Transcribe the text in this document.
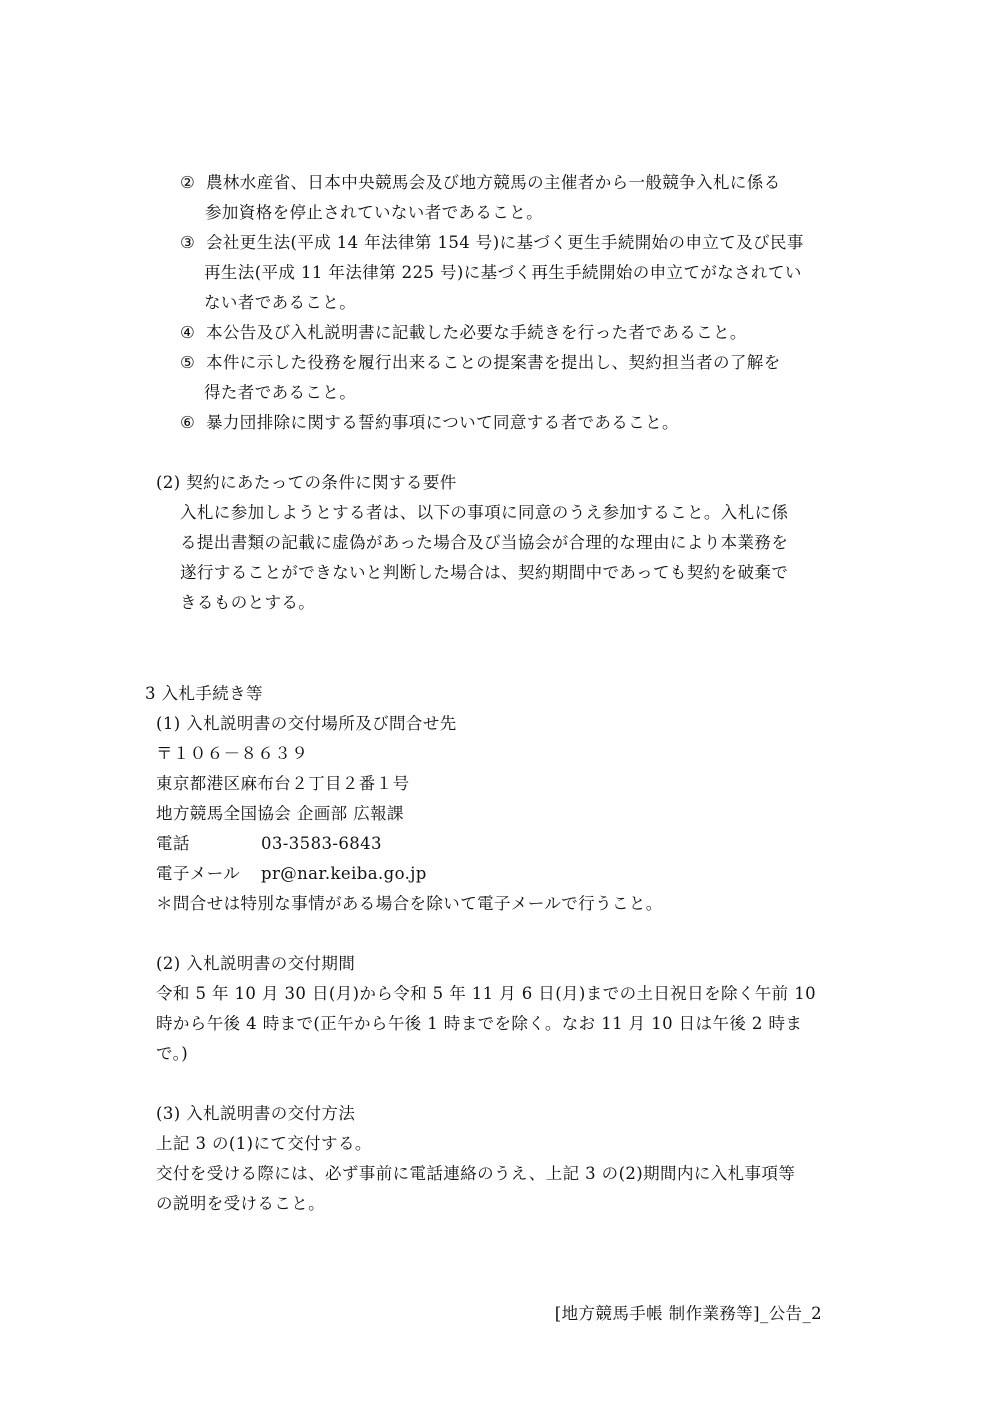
② 農林水産省、日本中央競馬会及び地方競馬の主催者から一般競争入札に係る
参加資格を停止されていない者であること。
③ 会社更生法(平成 14 年法律第 154 号)に基づく更生手続開始の申立て及び民事
再生法(平成 11 年法律第 225 号)に基づく再生手続開始の申立てがなされてい
ない者であること。
④ 本公告及び入札説明書に記載した必要な手続きを行った者であること。
⑤ 本件に示した役務を履行出来ることの提案書を提出し、契約担当者の了解を
得た者であること。
⑥ 暴力団排除に関する誓約事項について同意する者であること。
(2) 契約にあたっての条件に関する要件
入札に参加しようとする者は、以下の事項に同意のうえ参加すること。入札に係
る提出書類の記載に虚偽があった場合及び当協会が合理的な理由により本業務を
遂行することができないと判断した場合は、契約期間中であっても契約を破棄で
きるものとする。
3 入札手続き等
(1) 入札説明書の交付場所及び問合せ先
〒１０６－８６３９
東京都港区麻布台２丁目２番１号
地方競馬全国協会 企画部 広報課
電話	03-3583-6843
電子メール pr@nar.keiba.go.jp
＊問合せは特別な事情がある場合を除いて電子メールで行うこと。
(2) 入札説明書の交付期間
令和 5 年 10 月 30 日(月)から令和 5 年 11 月 6 日(月)までの土日祝日を除く午前 10
時から午後 4 時まで(正午から午後 1 時までを除く。なお 11 月 10 日は午後 2 時ま
で。)
(3) 入札説明書の交付方法
上記 3 の(1)にて交付する。
交付を受ける際には、必ず事前に電話連絡のうえ、上記 3 の(2)期間内に入札事項等
の説明を受けること。
[地方競馬手帳 制作業務等]_公告_2
